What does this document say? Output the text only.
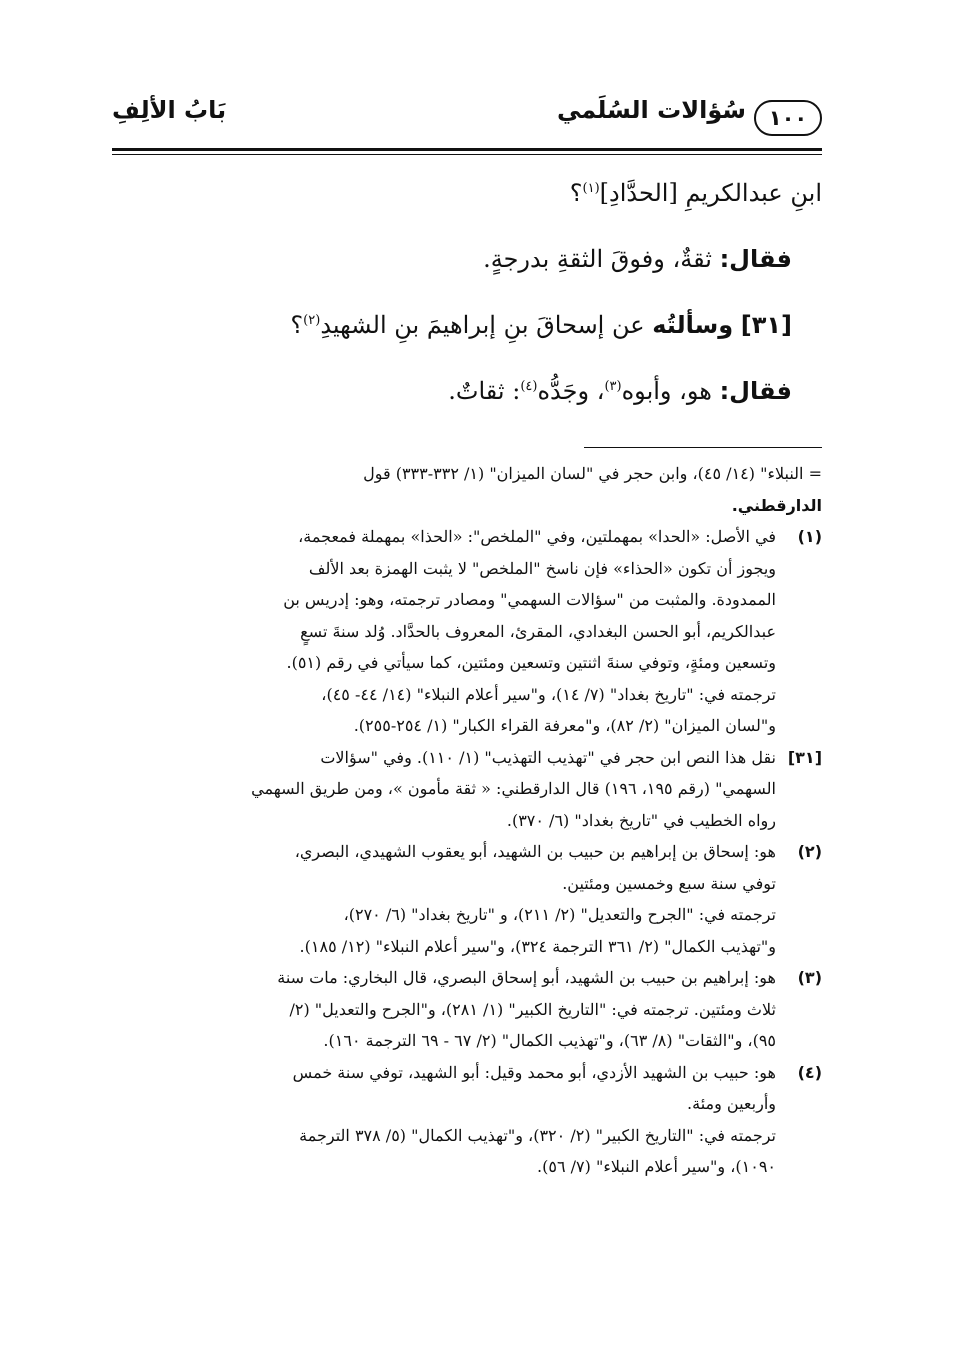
١٠٠
سُؤالات السُلَمي
بَابُ الألِفِ
ابنِ عبدالكريمِ [الحدَّادِ]$^{(١)}$؟
فقال: ثقةٌ، وفوقَ الثقةِ بدرجةٍ.
[٣١] وسألتُه عن إسحاقَ بنِ إبراهيمَ بنِ الشهيدِ$^{(٢)}$؟
فقال: هو، وأبوه$^{(٣)}$، وجَدُّه$^{(٤)}$: ثقاتٌ.

= النبلاء" (١٤/ ٤٥)، وابن حجر في "لسان الميزان" (١/ ٣٣٢-٣٣٣) قول

الدارقطني.

(١)

في الأصل: «الحدا» بمهملتين، وفي "الملخص": «الحذا» بمهملة فمعجمة،

ويجوز أن تكون «الحذاء» فإن ناسخ "الملخص" لا يثبت الهمزة بعد الألف

الممدودة. والمثبت من "سؤالات السهمي" ومصادر ترجمته، وهو: إدريس بن

عبدالكريم، أبو الحسن البغدادي، المقرئ، المعروف بالحدَّاد. وُلد سنةَ تسعٍ

وتسعين ومئةٍ، وتوفي سنةَ اثنتين وتسعين ومئتين، كما سيأتي في رقم (٥١).

ترجمته في: "تاريخ بغداد" (٧/ ١٤)، و"سير أعلام النبلاء" (١٤/ ٤٤- ٤٥)،

و"لسان الميزان" (٢/ ٨٢)، و"معرفة القراء الكبار" (١/ ٢٥٤-٢٥٥).

[٣١]

نقل هذا النص ابن حجر في "تهذيب التهذيب" (١/ ١١٠). وفي "سؤالات

السهمي" (رقم ١٩٥، ١٩٦) قال الدارقطني: « ثقة مأمون »، ومن طريق السهمي

رواه الخطيب في "تاريخ بغداد" (٦/ ٣٧٠).

(٢)

هو: إسحاق بن إبراهيم بن حبيب بن الشهيد، أبو يعقوب الشهيدي، البصري،

توفي سنة سبع وخمسين ومئتين.

ترجمته في: "الجرح والتعديل" (٢/ ٢١١)، و "تاريخ بغداد" (٦/ ٢٧٠)،

و"تهذيب الكمال" (٢/ ٣٦١ الترجمة ٣٢٤)، و"سير أعلام النبلاء" (١٢/ ١٨٥).

(٣)

هو: إبراهيم بن حبيب بن الشهيد، أبو إسحاق البصري، قال البخاري: مات سنة

ثلاث ومئتين. ترجمته في: "التاريخ الكبير" (١/ ٢٨١)، و"الجرح والتعديل" (٢/

٩٥)، و"الثقات" (٨/ ٦٣)، و"تهذيب الكمال" (٢/ ٦٧ - ٦٩ الترجمة ١٦٠).

(٤)

هو: حبيب بن الشهيد الأزدي، أبو محمد وقيل: أبو الشهيد، توفي سنة خمس

وأربعين ومئة.

ترجمته في: "التاريخ الكبير" (٢/ ٣٢٠)، و"تهذيب الكمال" (٥/ ٣٧٨ الترجمة

١٠٩٠)، و"سير أعلام النبلاء" (٧/ ٥٦).
